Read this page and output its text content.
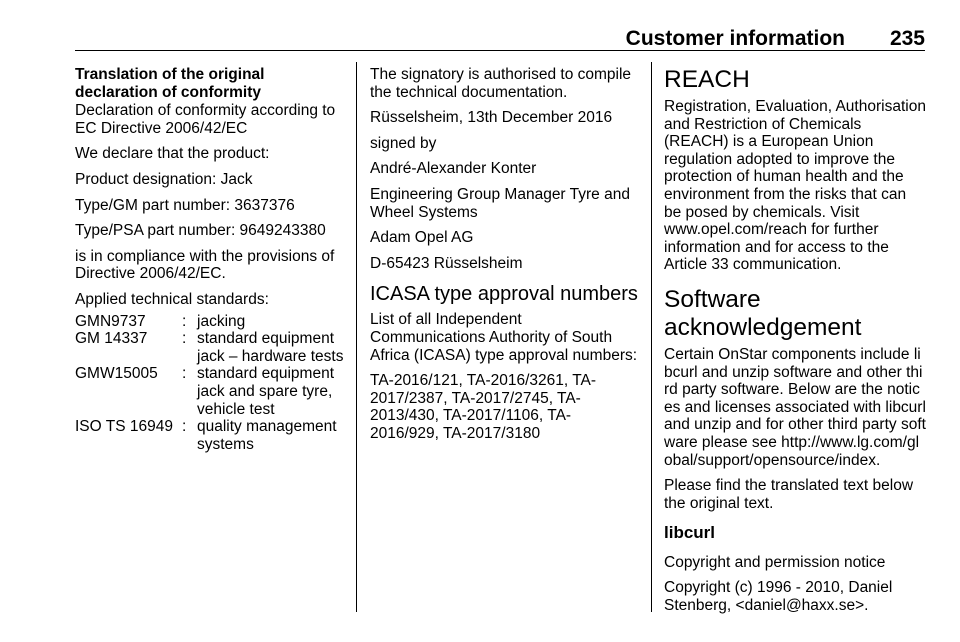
Customer information 235

Translation of the original declaration of conformity

Declaration of conformity according to EC Directive 2006/42/EC

We declare that the product:

Product designation: Jack

Type/GM part number: 3637376

Type/PSA part number: 9649243380

is in compliance with the provisions of Directive 2006/42/EC.

Applied technical standards:

GMN9737	:	jacking
GM 14337	:	standard equipment jack – hardware tests
GMW15005	:	standard equipment jack and spare tyre, vehicle test
ISO TS 16949	:	quality management systems

The signatory is authorised to compile the technical documentation.

Rüsselsheim, 13th December 2016

signed by

André-Alexander Konter

Engineering Group Manager Tyre and Wheel Systems

Adam Opel AG

D-65423 Rüsselsheim

ICASA type approval numbers

List of all Independent Communications Authority of South Africa (ICASA) type approval numbers:

TA-2016/121, TA-2016/3261, TA-2017/2387, TA-2017/2745, TA-2013/430, TA-2017/1106, TA-2016/929, TA-2017/3180

REACH

Registration, Evaluation, Authorisation and Restriction of Chemicals (REACH) is a European Union regulation adopted to improve the protection of human health and the environment from the risks that can be posed by chemicals. Visit www.opel.com/reach for further information and for access to the Article 33 communication.

Software acknowledgement

Certain OnStar components include libcurl and unzip software and other third party software. Below are the notices and licenses associated with libcurl and unzip and for other third party software please see http://www.lg.com/global/support/opensource/index.

Please find the translated text below the original text.

libcurl

Copyright and permission notice

Copyright (c) 1996 - 2010, Daniel Stenberg, <daniel@haxx.se>.
